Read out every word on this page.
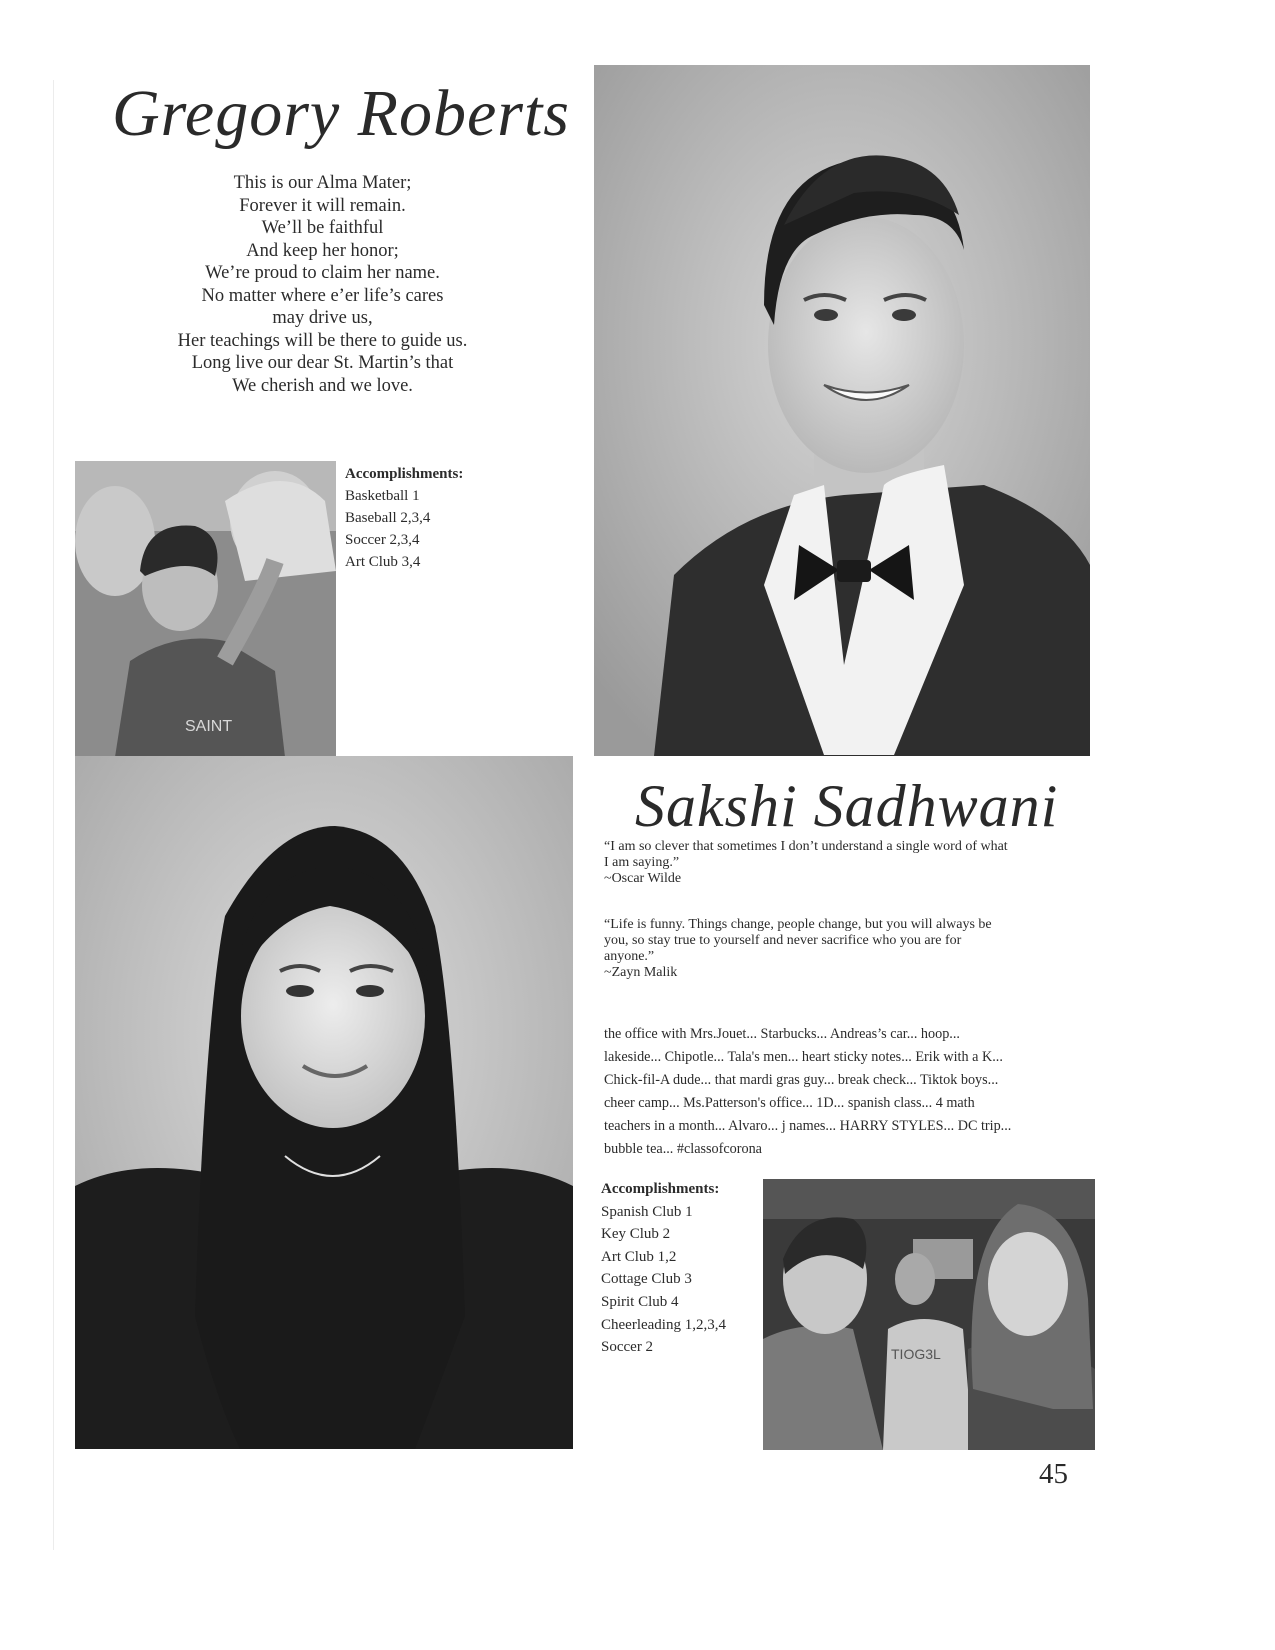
Gregory Roberts
This is our Alma Mater;
Forever it will remain.
We’ll be faithful
And keep her honor;
We’re proud to claim her name.
No matter where e’er life’s cares
may drive us,
Her teachings will be there to guide us.
Long live our dear St. Martin’s that
We cherish and we love.
Accomplishments:
Basketball 1
Baseball 2,3,4
Soccer 2,3,4
Art Club 3,4
SAINT
Sakshi Sadhwani

“I am so clever that sometimes I don’t understand a single word of what

I am saying.”

~Oscar Wilde

“Life is funny. Things change, people change, but you will always be

you, so stay true to yourself and never sacrifice who you are for

anyone.”

~Zayn Malik

the office with Mrs.Jouet... Starbucks... Andreas’s car... hoop...
lakeside... Chipotle... Tala's men... heart sticky notes... Erik with a K...
Chick-fil-A dude... that mardi gras guy... break check... Tiktok boys...
cheer camp... Ms.Patterson's office... 1D... spanish class... 4 math
teachers in a month... Alvaro... j names... HARRY STYLES... DC trip...
bubble tea... #classofcorona
Accomplishments:
Spanish Club 1
Key Club 2
Art Club 1,2
Cottage Club 3
Spirit Club 4
Cheerleading 1,2,3,4
Soccer 2	TIOG3L
45
